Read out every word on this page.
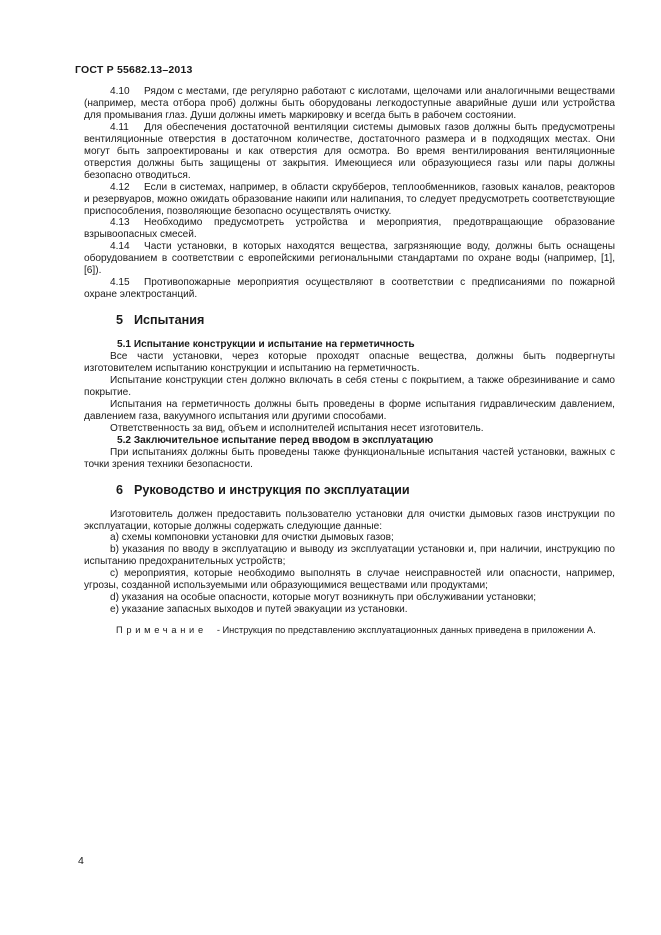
ГОСТ Р 55682.13–2013

4.10 Рядом с местами, где регулярно работают с кислотами, щелочами или аналогичными веществами (например, места отбора проб) должны быть оборудованы легкодоступные аварийные души или устройства для промывания глаз. Души должны иметь маркировку и всегда быть в рабочем состоянии.

4.11 Для обеспечения достаточной вентиляции системы дымовых газов должны быть предусмотрены вентиляционные отверстия в достаточном количестве, достаточного размера и в подходящих местах. Они могут быть запроектированы и как отверстия для осмотра. Во время вентилирования вентиляционные отверстия должны быть защищены от закрытия. Имеющиеся или образующиеся газы или пары должны безопасно отводиться.

4.12 Если в системах, например, в области скрубберов, теплообменников, газовых каналов, реакторов и резервуаров, можно ожидать образование накипи или налипания, то следует предусмотреть соответствующие приспособления, позволяющие безопасно осуществлять очистку.

4.13 Необходимо предусмотреть устройства и мероприятия, предотвращающие образование взрывоопасных смесей.

4.14 Части установки, в которых находятся вещества, загрязняющие воду, должны быть оснащены оборудованием в соответствии с европейскими региональными стандартами по охране воды (например, [1], [6]).

4.15 Противопожарные мероприятия осуществляют в соответствии с предписаниями по пожарной охране электростанций.

5 Испытания

5.1 Испытание конструкции и испытание на герметичность

Все части установки, через которые проходят опасные вещества, должны быть подвергнуты изготовителем испытанию конструкции и испытанию на герметичность.

Испытание конструкции стен должно включать в себя стены с покрытием, а также обрезинивание и само покрытие.

Испытания на герметичность должны быть проведены в форме испытания гидравлическим давлением, давлением газа, вакуумного испытания или другими способами.

Ответственность за вид, объем и исполнителей испытания несет изготовитель.

5.2 Заключительное испытание перед вводом в эксплуатацию

При испытаниях должны быть проведены также функциональные испытания частей установки, важных с точки зрения техники безопасности.

6 Руководство и инструкция по эксплуатации

Изготовитель должен предоставить пользователю установки для очистки дымовых газов инструкции по эксплуатации, которые должны содержать следующие данные:

а) схемы компоновки установки для очистки дымовых газов;

b) указания по вводу в эксплуатацию и выводу из эксплуатации установки и, при наличии, инструкцию по испытанию предохранительных устройств;

с) мероприятия, которые необходимо выполнять в случае неисправностей или опасности, например, угрозы, созданной используемыми или образующимися веществами или продуктами;

d) указания на особые опасности, которые могут возникнуть при обслуживании установки;

е) указание запасных выходов и путей эвакуации из установки.

Примечание - Инструкция по представлению эксплуатационных данных приведена в приложении А.

4
